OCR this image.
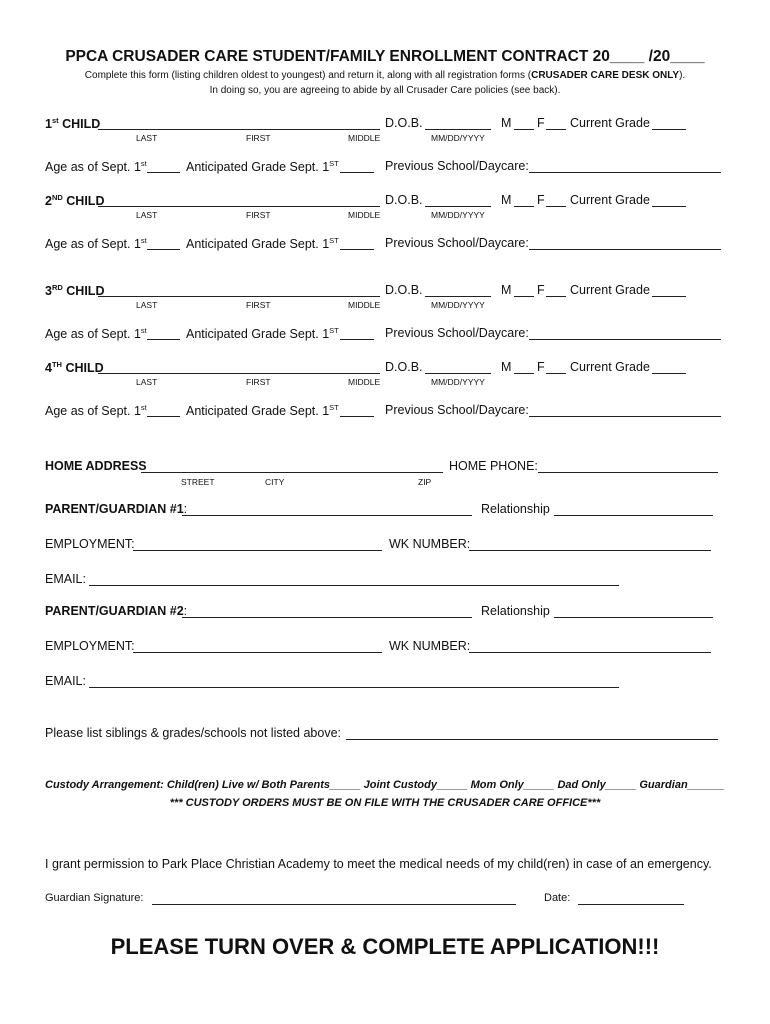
PPCA CRUSADER CARE STUDENT/FAMILY ENROLLMENT CONTRACT 20____ /20____
Complete this form (listing children oldest to youngest) and return it, along with all registration forms (CRUSADER CARE DESK ONLY).
In doing so, you are agreeing to abide by all Crusader Care policies (see back).
1st CHILD	D.O.B.	M F Current Grade
LAST	FIRST	MIDDLE	MM/DD/YYYY
Age as of Sept. 1st	Anticipated Grade Sept. 1ST	Previous School/Daycare:
2ND CHILD	D.O.B.	M F Current Grade
LAST	FIRST	MIDDLE	MM/DD/YYYY
Age as of Sept. 1st	Anticipated Grade Sept. 1ST	Previous School/Daycare:
3RD CHILD	D.O.B.	M F Current Grade
LAST	FIRST	MIDDLE	MM/DD/YYYY
Age as of Sept. 1st	Anticipated Grade Sept. 1ST	Previous School/Daycare:
4TH CHILD	D.O.B.	M F Current Grade
LAST	FIRST	MIDDLE	MM/DD/YYYY
Age as of Sept. 1st	Anticipated Grade Sept. 1ST	Previous School/Daycare:
HOME ADDRESS	HOME PHONE:
STREET	CITY	ZIP
PARENT/GUARDIAN #1:	Relationship
EMPLOYMENT:	WK NUMBER:
EMAIL:
PARENT/GUARDIAN #2:	Relationship
EMPLOYMENT:	WK NUMBER:
EMAIL:
Please list siblings & grades/schools not listed above:
Custody Arrangement: Child(ren) Live w/ Both Parents_____ Joint Custody_____ Mom Only_____ Dad Only_____ Guardian______
*** CUSTODY ORDERS MUST BE ON FILE WITH THE CRUSADER CARE OFFICE***
I grant permission to Park Place Christian Academy to meet the medical needs of my child(ren) in case of an emergency.
Guardian Signature:	Date:
PLEASE TURN OVER & COMPLETE APPLICATION!!!
